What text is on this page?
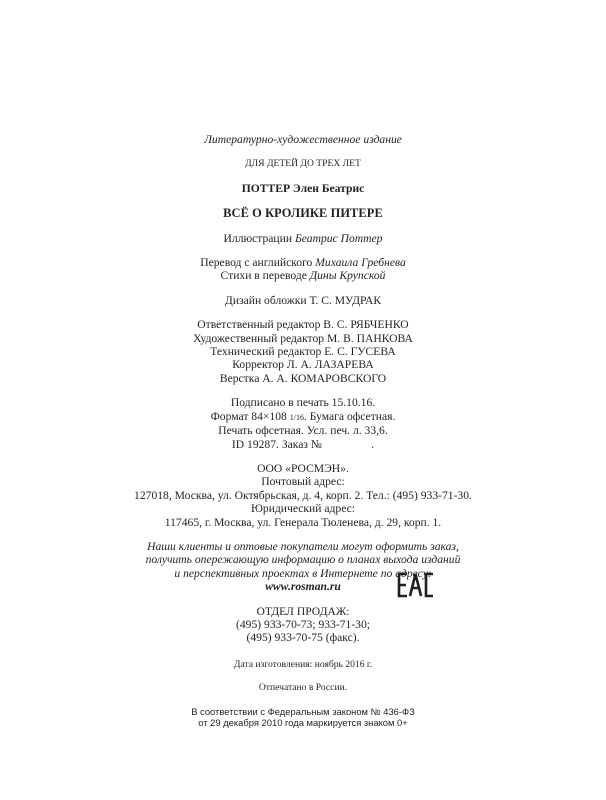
Литературно-художественное издание

ДЛЯ ДЕТЕЙ ДО ТРЕХ ЛЕТ

ПОТТЕР Элен Беатрис

ВСЁ О КРОЛИКЕ ПИТЕРЕ

Иллюстрации Беатрис Поттер

Перевод с английского Михаила Гребнева

Стихи в переводе Дины Крупской

Дизайн обложки Т. С. МУДРАК

Ответственный редактор В. С. РЯБЧЕНКО

Художественный редактор М. В. ПАНКОВА

Технический редактор Е. С. ГУСЕВА

Корректор Л. А. ЛАЗАРЕВА

Верстка А. А. КОМАРОВСКОГО

Подписано в печать 15.10.16.

Формат 84×108 1/16. Бумага офсетная.

Печать офсетная. Усл. печ. л. 33,6.

ID 19287. Заказ №                 .

ООО «РОСМЭН».

Почтовый адрес:

127018, Москва, ул. Октябрьская, д. 4, корп. 2. Тел.: (495) 933-71-30.

Юридический адрес:

117465, г. Москва, ул. Генерала Тюленева, д. 29, корп. 1.

Наши клиенты и оптовые покупатели могут оформить заказ,

получить опережающую информацию о планах выхода изданий

и перспективных проектах в Интернете по адресу:

www.rosman.ru

ОТДЕЛ ПРОДАЖ:

(495) 933-70-73; 933-71-30;

(495) 933-70-75 (факс).

Дата изготовления: ноябрь 2016 г.

Отпечатано в России.

В соответствии с Федеральным законом № 436-ФЗ

от 29 декабря 2010 года маркируется знаком 0+
